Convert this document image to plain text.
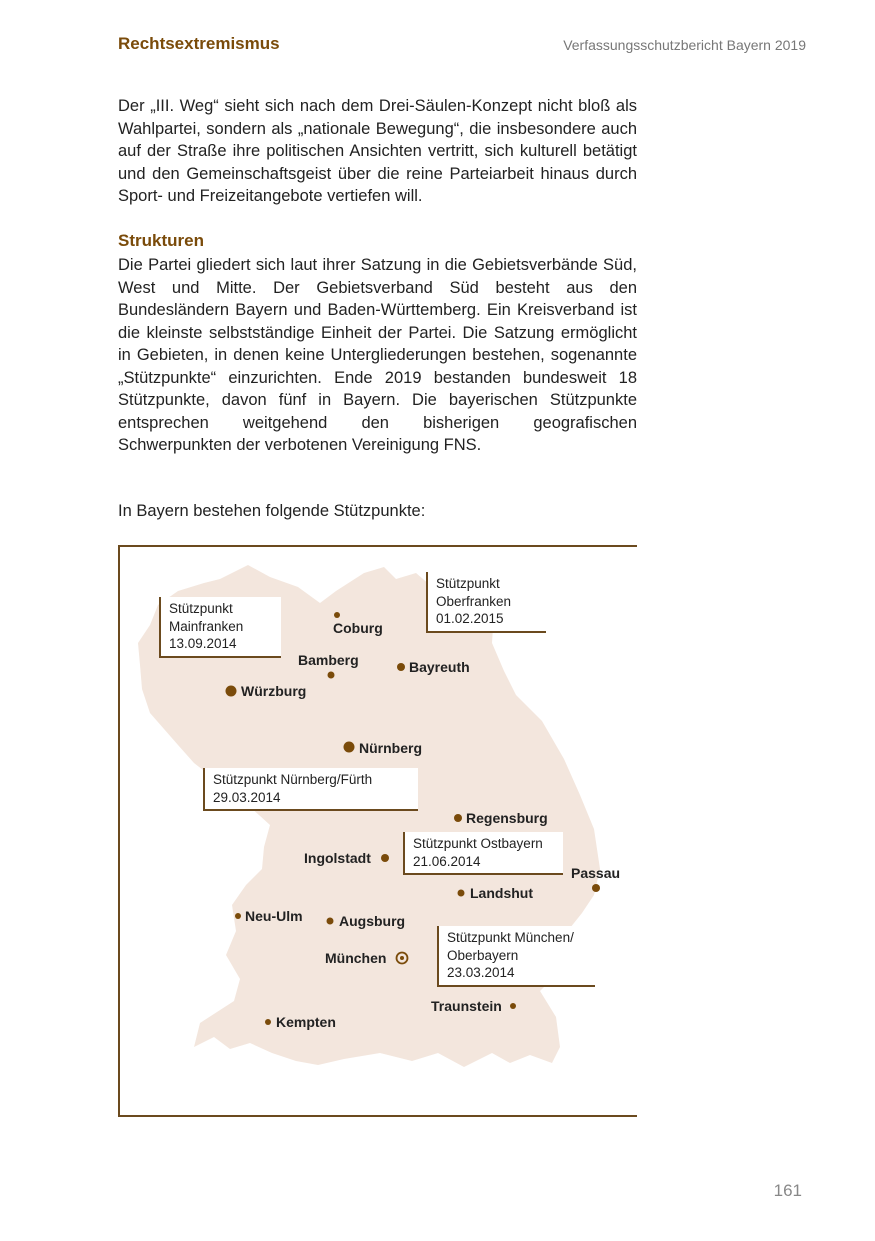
Rechtsextremismus	Verfassungsschutzbericht Bayern 2019

Der „III. Weg“ sieht sich nach dem Drei-Säulen-Konzept nicht bloß als Wahlpartei, sondern als „nationale Bewegung“, die insbesondere auch auf der Straße ihre politischen Ansichten vertritt, sich kulturell betätigt und den Gemeinschaftsgeist über die reine Parteiarbeit hinaus durch Sport- und Freizeitangebote vertiefen will.

Strukturen

Die Partei gliedert sich laut ihrer Satzung in die Gebietsverbände Süd, West und Mitte. Der Gebietsverband Süd besteht aus den Bundesländern Bayern und Baden-Württemberg. Ein Kreisverband ist die kleinste selbstständige Einheit der Partei. Die Satzung ermöglicht in Gebieten, in denen keine Untergliederungen bestehen, sogenannte „Stützpunkte“ einzurichten. Ende 2019 bestanden bundesweit 18 Stützpunkte, davon fünf in Bayern. Die bayerischen Stützpunkte entsprechen weitgehend den bisherigen geografischen Schwerpunkten der verbotenen Vereinigung FNS.

In Bayern bestehen folgende Stützpunkte:

Coburg
Bamberg	Bayreuth
Würzburg
Nürnberg
Regensburg
Ingolstadt
Passau
Landshut
Neu-Ulm	Augsburg
München
Traunstein
Kempten
Stützpunkt
Mainfranken
13.09.2014
Stützpunkt
Oberfranken
01.02.2015
Stützpunkt Nürnberg/Fürth
29.03.2014
Stützpunkt Ostbayern
21.06.2014
Stützpunkt München/
Oberbayern
23.03.2014
161
